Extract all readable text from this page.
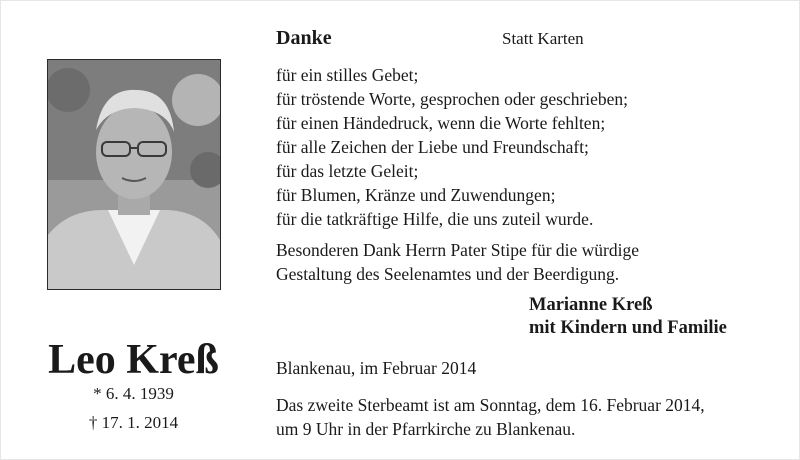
Leo Kreß
* 6. 4. 1939
† 17. 1. 2014
Danke	Statt Karten
für ein stilles Gebet;
für tröstende Worte, gesprochen oder geschrieben;
für einen Händedruck, wenn die Worte fehlten;
für alle Zeichen der Liebe und Freundschaft;
für das letzte Geleit;
für Blumen, Kränze und Zuwendungen;
für die tatkräftige Hilfe, die uns zuteil wurde.
Besonderen Dank Herrn Pater Stipe für die würdige
Gestaltung des Seelenamtes und der Beerdigung.
Marianne Kreß
mit Kindern und Familie
Blankenau, im Februar 2014
Das zweite Sterbeamt ist am Sonntag, dem 16. Februar 2014,
um 9 Uhr in der Pfarrkirche zu Blankenau.
